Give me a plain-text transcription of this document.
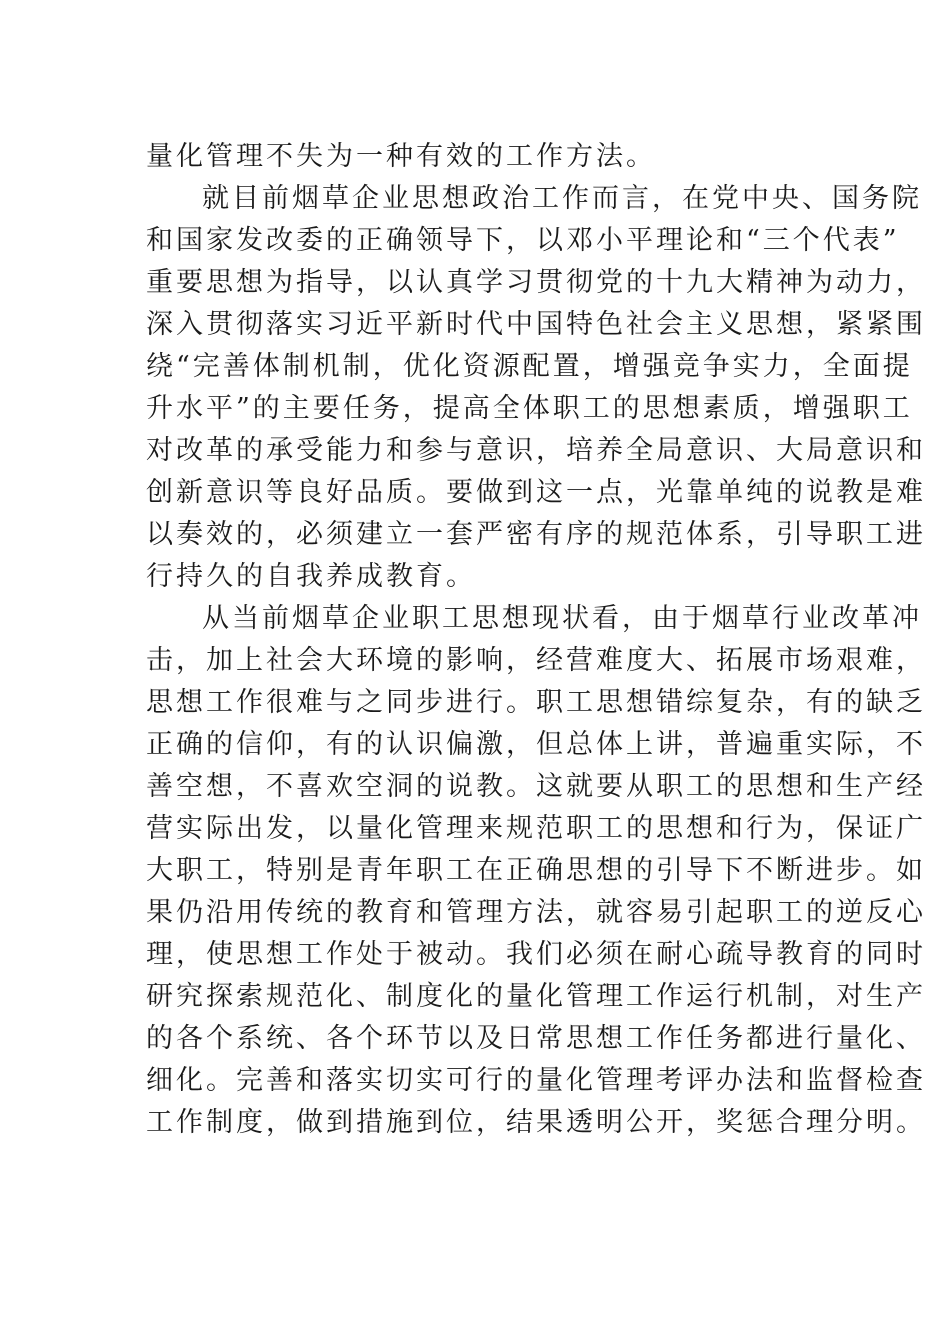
量化管理不失为一种有效的工作方法。
就目前烟草企业思想政治工作而言，在党中央、国务院
和国家发改委的正确领导下，以邓小平理论和“三个代表”
重要思想为指导，以认真学习贯彻党的十九大精神为动力，
深入贯彻落实习近平新时代中国特色社会主义思想，紧紧围
绕“完善体制机制，优化资源配置，增强竞争实力，全面提
升水平”的主要任务，提高全体职工的思想素质，增强职工
对改革的承受能力和参与意识，培养全局意识、大局意识和
创新意识等良好品质。要做到这一点，光靠单纯的说教是难
以奏效的，必须建立一套严密有序的规范体系，引导职工进
行持久的自我养成教育。
从当前烟草企业职工思想现状看，由于烟草行业改革冲
击，加上社会大环境的影响，经营难度大、拓展市场艰难，
思想工作很难与之同步进行。职工思想错综复杂，有的缺乏
正确的信仰，有的认识偏激，但总体上讲，普遍重实际，不
善空想，不喜欢空洞的说教。这就要从职工的思想和生产经
营实际出发，以量化管理来规范职工的思想和行为，保证广
大职工，特别是青年职工在正确思想的引导下不断进步。如
果仍沿用传统的教育和管理方法，就容易引起职工的逆反心
理，使思想工作处于被动。我们必须在耐心疏导教育的同时
研究探索规范化、制度化的量化管理工作运行机制，对生产
的各个系统、各个环节以及日常思想工作任务都进行量化、
细化。完善和落实切实可行的量化管理考评办法和监督检查
工作制度，做到措施到位，结果透明公开，奖惩合理分明。
